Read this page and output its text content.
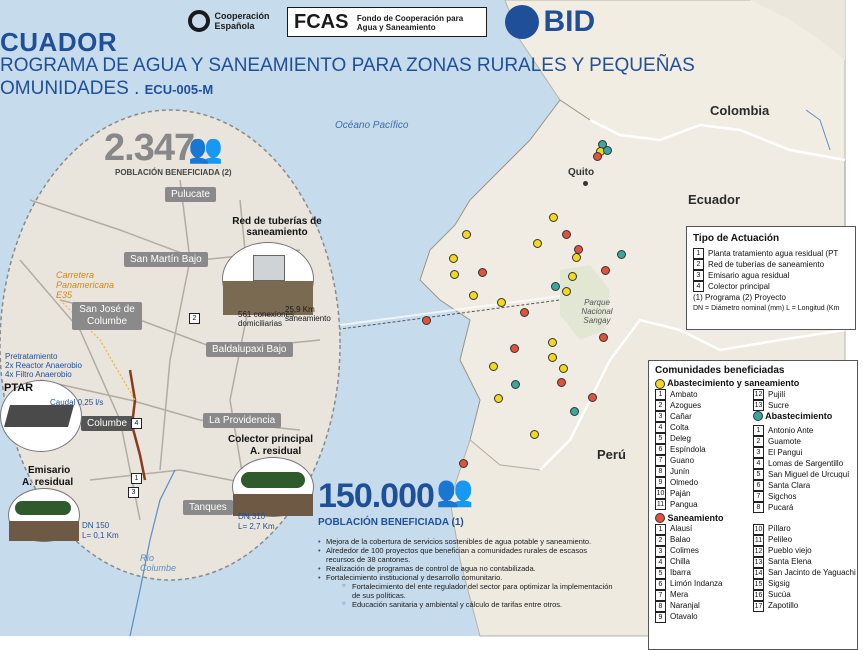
Cooperación Española	FCAS Fondo de Cooperación para Agua y Saneamiento	BID
CUADOR
ROGRAMA DE AGUA Y SANEAMIENTO PARA ZONAS RURALES Y PEQUEÑAS
OMUNIDADES . ECU-005-M
Colombia
Ecuador
Perú
Océano Pacífico
Quito
Parque Nacional Sangay
2.347
👥
POBLACIÓN BENEFICIADA (2)
Pulucate
San Martín Bajo
San José de Columbe
Baldalupaxi Bajo
La Providencia
Columbe
Tanques
Carretera Panamericana E35
Río Columbe
Red de tuberías de saneamiento
561 conexiones domiciliarias
25,9 Km saneamiento
Pretratamiento
2x Reactor Anaerobio
4x Filtro Anaerobio
PTAR
Caudal 0,25 l/s
Colector principal
A. residual
DN 310
L= 2,7 Km
Emisario
A. residual
DN 150
L= 0,1 Km
2
4
1
3	150.000 👥
POBLACIÓN BENEFICIADA (1)
• Mejora de la cobertura de servicios sostenibles de agua potable y saneamiento.
• Alrededor de 100 proyectos que benefician a comunidades rurales de escasos recursos de 38 cantones.
• Realización de programas de control de agua no contabilizada.
• Fortalecimiento institucional y desarrollo comunitario.
○ Fortalecimiento del ente regulador del sector para optimizar la implementación de sus políticas.
○ Educación sanitaria y ambiental y cálculo de tarifas entre otros.
Tipo de Actuación
1 Planta tratamiento agua residual (PT
2 Red de tuberías de saneamiento
3 Emisario agua residual
4 Colector principal
(1) Programa (2) Proyecto
DN = Diámetro nominal (mm) L = Longitud (Km
Comunidades beneficiadas
Abastecimiento y saneamiento
1 Ambato
2 Azogues
3 Cañar
4 Colta
5 Deleg
6 Espíndola
7 Guano
8 Junín
9 Olmedo
10 Paján
11 Pangua
12 Pujilí
13 Sucre
Abastecimiento
1 Antonio Ante
2 Guamote
3 El Pangui
4 Lomas de Sargentillo
5 San Miguel de Urcuquí
6 Santa Clara
7 Sigchos
8 Pucará
Saneamiento
1 Alausí
2 Balao
3 Colimes
4 Chilla
5 Ibarra
6 Limón Indanza
7 Mera
8 Naranjal
9 Otavalo
10 Píllaro
11 Pelileo
12 Pueblo viejo
13 Santa Elena
14 San Jacinto de Yaguachi
15 Sigsig
16 Sucúa
17 Zapotillo
